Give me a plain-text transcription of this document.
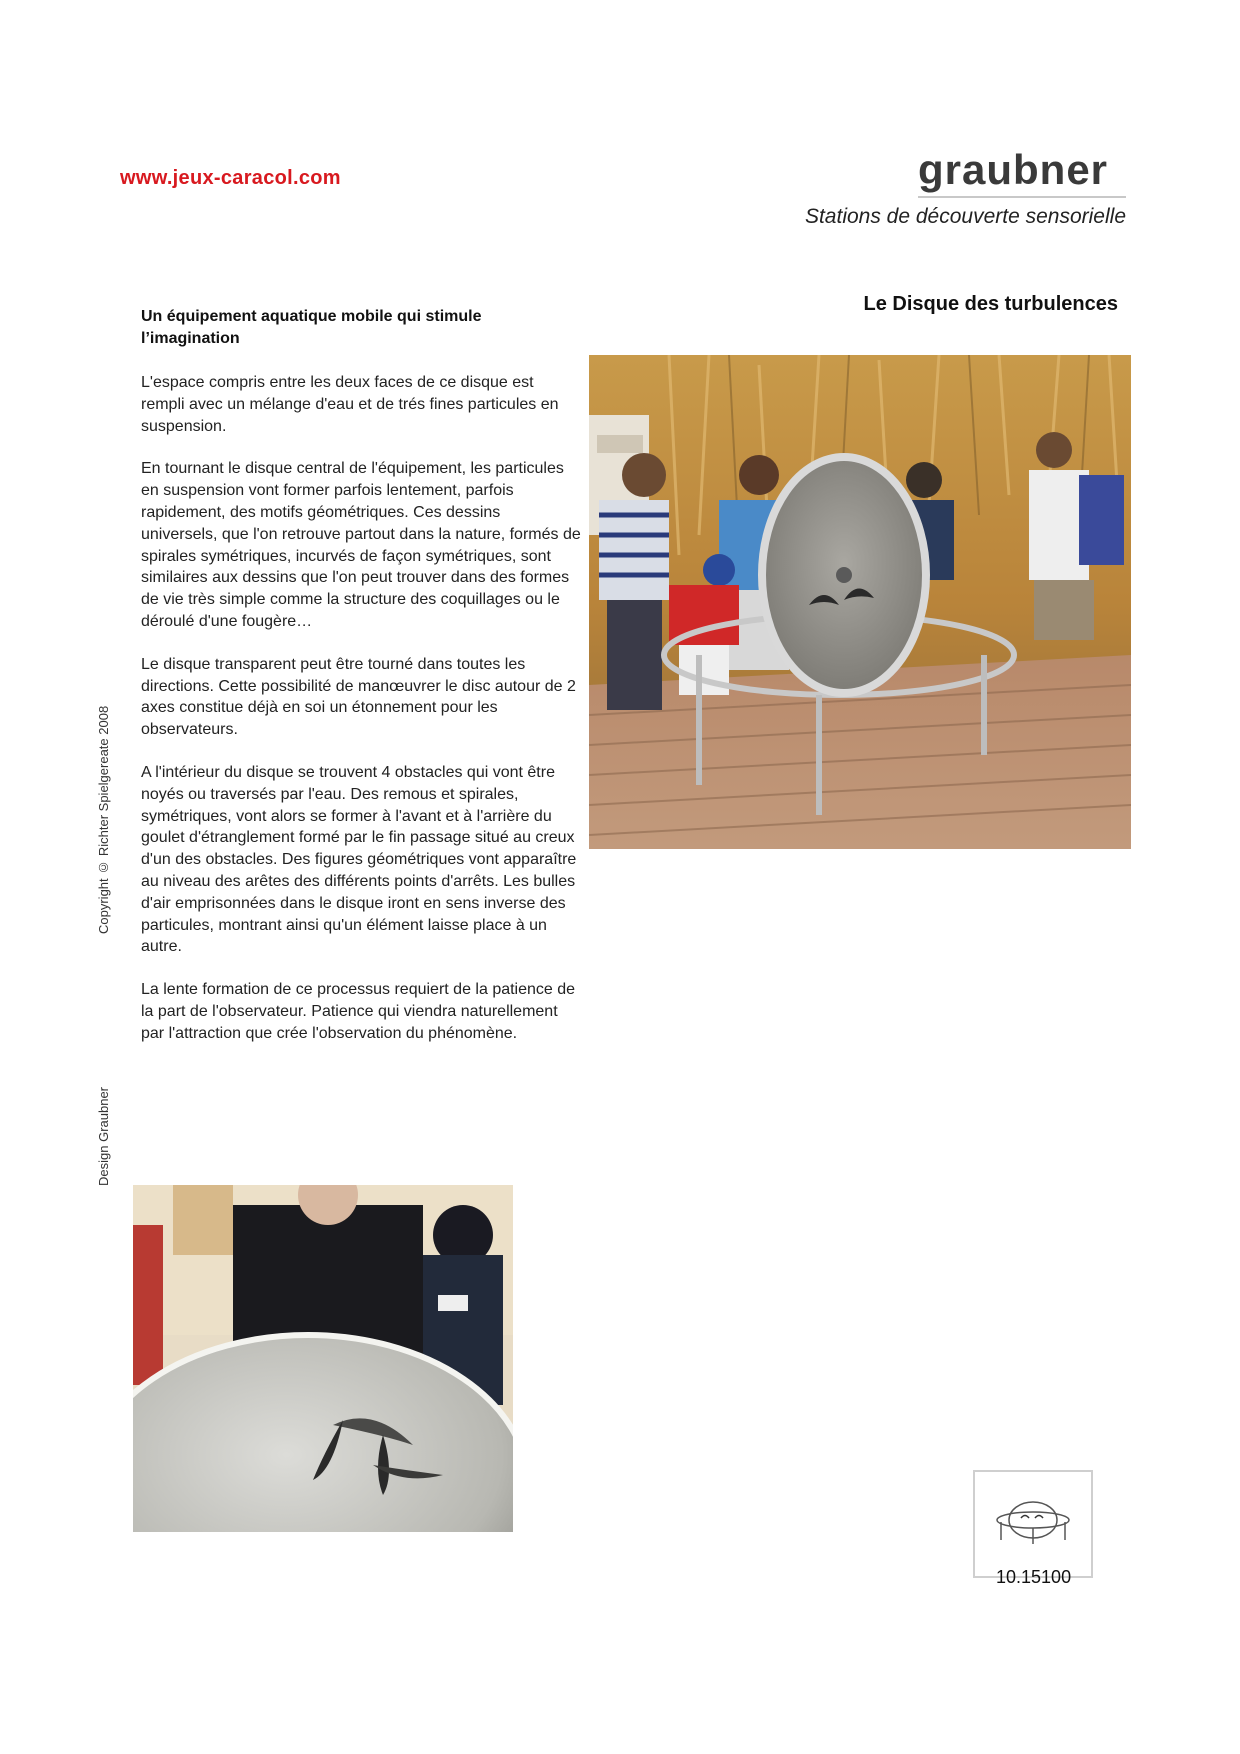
www.jeux-caracol.com	graubner
Stations de découverte sensorielle
Le Disque des turbulences
Un équipement aquatique mobile qui stimule
l’imagination

L'espace compris entre les deux faces de ce disque est rempli avec un mélange d'eau et de trés fines particules en suspension.

En tournant le disque central de l'équipement, les particules en suspension vont former parfois lentement, parfois rapidement, des motifs géométriques. Ces dessins universels, que l'on retrouve partout dans la nature, formés de spirales symétriques, incurvés de façon symétriques, sont similaires aux dessins que l'on peut trouver dans des formes de vie très simple comme la structure des coquillages ou le déroulé d'une fougère…

Le disque transparent peut être tourné dans toutes les directions. Cette possibilité de manœuvrer le disc autour de 2 axes constitue déjà en soi un étonnement pour les observateurs.

A l'intérieur du disque se trouvent 4 obstacles qui vont être noyés ou traversés par l'eau. Des remous et spirales, symétriques, vont alors se former à l'avant et à l'arrière du goulet d'étranglement formé par le fin passage situé au creux d'un des obstacles. Des figures géométriques vont apparaître au niveau des arêtes des différents points d'arrêts. Les bulles d'air emprisonnées dans le disque iront en sens inverse des particules, montrant ainsi qu'un élément laisse place à un autre.

La lente formation de ce processus requiert de la patience de la part de l'observateur. Patience qui viendra naturellement par l'attraction que crée l'observation du phénomène.

Copyright © Richter Spielgereate 2008
Design Graubner
10.15100
